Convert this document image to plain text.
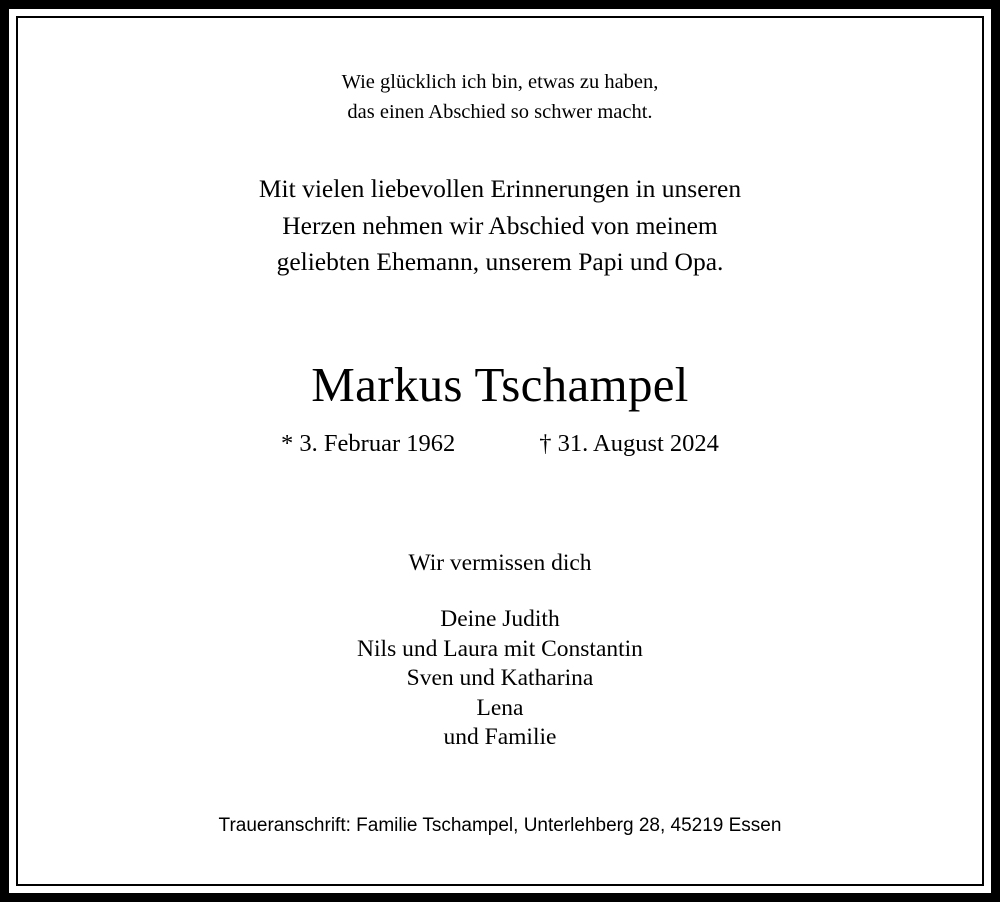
Wie glücklich ich bin, etwas zu haben,
das einen Abschied so schwer macht.
Mit vielen liebevollen Erinnerungen in unseren
Herzen nehmen wir Abschied von meinem
geliebten Ehemann, unserem Papi und Opa.
Markus Tschampel
* 3. Februar 1962	† 31. August 2024
Wir vermissen dich
Deine Judith
Nils und Laura mit Constantin
Sven und Katharina
Lena
und Familie
Traueranschrift: Familie Tschampel, Unterlehberg 28, 45219 Essen
